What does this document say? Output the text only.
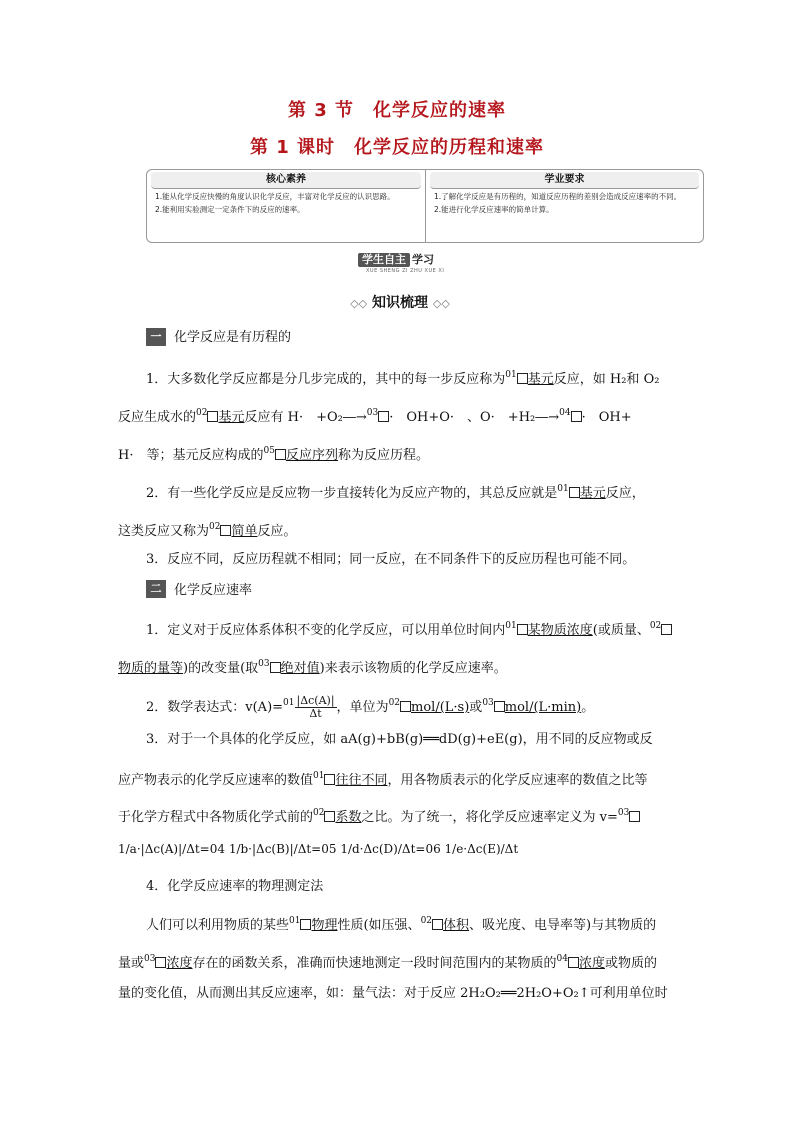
第 3 节　化学反应的速率
第 1 课时　化学反应的历程和速率
核心素养
1.能从化学反应快慢的角度认识化学反应，丰富对化学反应的认识思路。
2.能利用实验测定一定条件下的反应的速率。
学业要求
1.了解化学反应是有历程的，知道反应历程的差别会造成反应速率的不同。
2.能进行化学反应速率的简单计算。
学生自主 学习
XUE SHENG ZI ZHU XUE XI
◇◇ 知识梳理 ◇◇
一 化学反应是有历程的
1．大多数化学反应都是分几步完成的，其中的每一步反应称为$^{01}$ 基元反应，如 H₂和 O₂
反应生成水的$^{02}$ 基元反应有 H·　+O₂―→$^{03}$ ·　OH+O·　、O·　+H₂―→$^{04}$ ·　OH+
H·　等；基元反应构成的$^{05}$ 反应序列称为反应历程。
2．有一些化学反应是反应物一步直接转化为反应产物的，其总反应就是$^{01}$ 基元反应，
这类反应又称为$^{02}$ 简单反应。
3．反应不同，反应历程就不相同；同一反应，在不同条件下的反应历程也可能不同。
二 化学反应速率
1．定义对于反应体系体积不变的化学反应，可以用单位时间内$^{01}$ 某物质浓度(或质量、$^{02}$
物质的量等)的改变量(取$^{03}$ 绝对值)来表示该物质的化学反应速率。
2．数学表达式：$v(A)=^{01} \frac{|\Delta c(A)|}{\Delta t}$ ，单位为$^{02}$ mol/(L·s)或$^{03}$ mol/(L·min)。
3．对于一个具体的化学反应，如 aA(g)+bB(g)══dD(g)+eE(g)，用不同的反应物或反
应产物表示的化学反应速率的数值$^{01}$ 往往不同，用各物质表示的化学反应速率的数值之比等
于化学方程式中各物质化学式前的$^{02}$ 系数之比。为了统一，将化学反应速率定义为 v=$^{03}$
1/a·|Δc(A)|/Δt=04 1/b·|Δc(B)|/Δt=05 1/d·Δc(D)/Δt=06 1/e·Δc(E)/Δt
4．化学反应速率的物理测定法
人们可以利用物质的某些$^{01}$ 物理性质(如压强、$^{02}$ 体积、吸光度、电导率等)与其物质的
量或$^{03}$ 浓度存在的函数关系，准确而快速地测定一段时间范围内的某物质的$^{04}$ 浓度或物质的
量的变化值，从而测出其反应速率，如：量气法：对于反应 2H₂O₂══2H₂O+O₂↑可利用单位时
